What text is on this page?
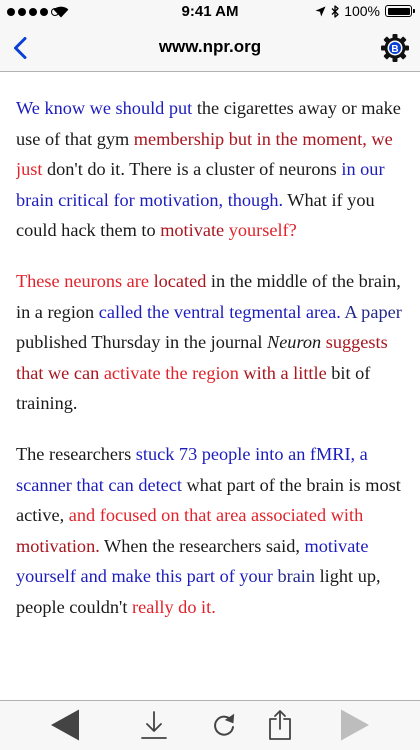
9:41 AM	100%
www.npr.org	B

We know we should put the cigarettes away or make use of that gym membership but in the moment, we just don't do it. There is a cluster of neurons in our brain critical for motivation, though. What if you could hack them to motivate yourself?

These neurons are located in the middle of the brain, in a region called the ventral tegmental area. A paper published Thursday in the journal Neuron suggests that we can activate the region with a little bit of training.

The researchers stuck 73 people into an fMRI, a scanner that can detect what part of the brain is most active, and focused on that area associated with motivation. When the researchers said, motivate yourself and make this part of your brain light up, people couldn't really do it.
